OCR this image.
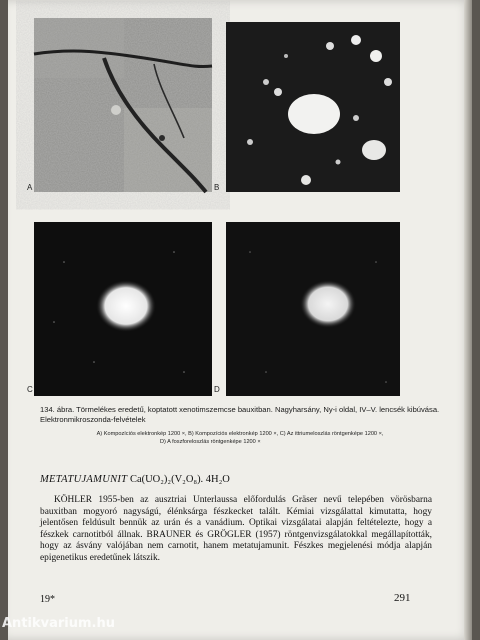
A	B
C	D
134. ábra. Törmelékes eredetű, koptatott xenotimszemcse bauxitban. Nagyharsány, Ny-i oldal, IV–V. lencsék kibúvása. Elektronmikroszonda-felvételek
A) Kompozíciós elektronkép 1200 ×, B) Kompozíciós elektronkép 1200 ×, C) Az ittriumeloszlás röntgenképe 1200 ×,
D) A foszforeloszlás röntgenképe 1200 ×
METATUJAMUNIT Ca(UO₂)₂(V₂O₈). 4H₂O

KÖHLER 1955-ben az ausztriai Unterlaussa előfordulás Gräser nevű telepében vörösbarna bauxitban mogyoró nagyságú, élénksárga fészkecket talált. Kémiai vizsgálattal kimutatta, hogy jelentősen feldúsult bennük az urán és a vanádium. Optikai vizsgálatai alapján feltételezte, hogy a fészkek carnotitból állnak. BRAUNER és GRÖGLER (1957) röntgenvizsgálatokkal megállapították, hogy az ásvány valójában nem carnotit, hanem metatujamunit. Fészkes megjelenési módja alapján epigenetikus eredetűnek látszik.

19*	291
Antikvarium.hu
